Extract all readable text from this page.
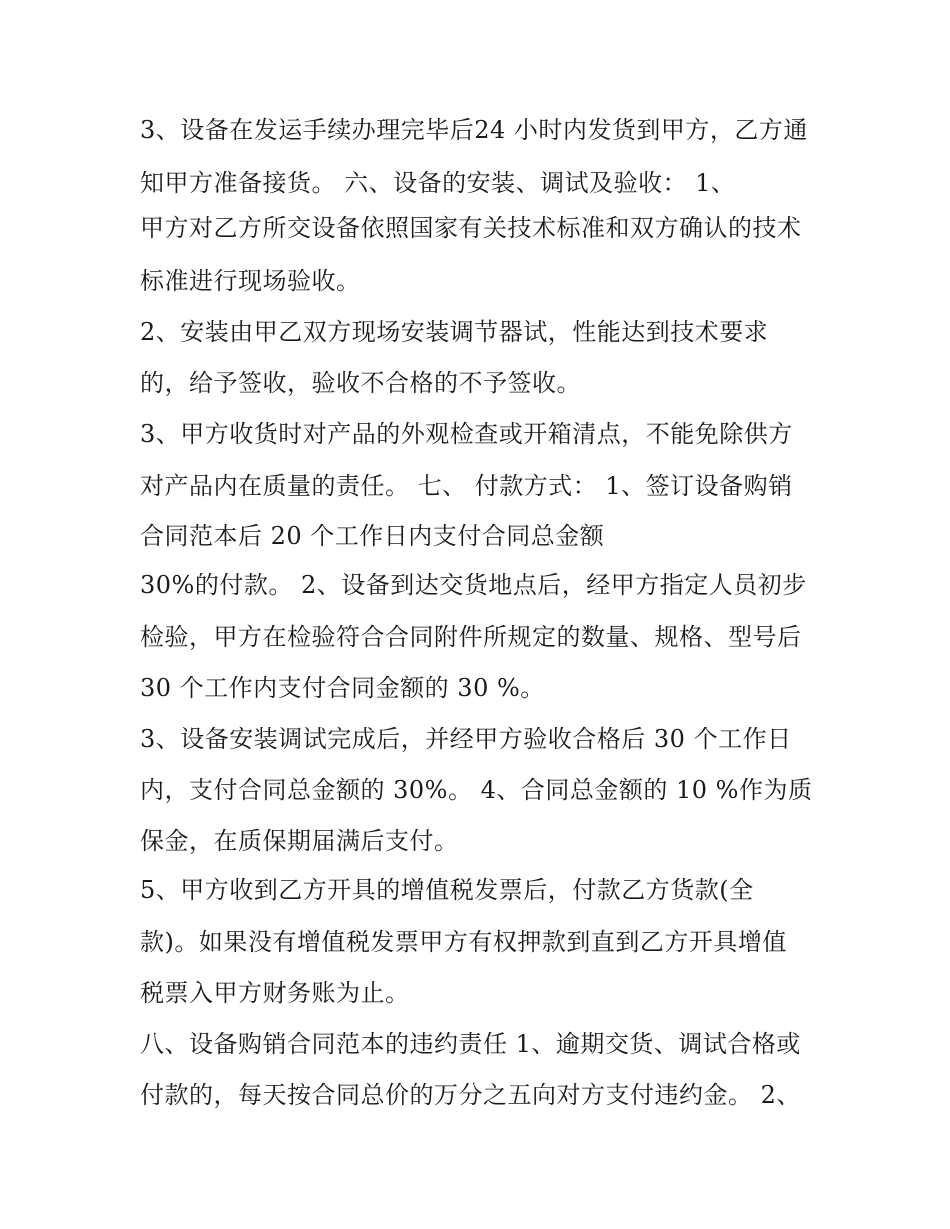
3、设备在发运手续办理完毕后24 小时内发货到甲方，乙方通
知甲方准备接货。 六、设备的安装、调试及验收： 1、
甲方对乙方所交设备依照国家有关技术标准和双方确认的技术
标准进行现场验收。
2、安装由甲乙双方现场安装调节器试，性能达到技术要求
的，给予签收，验收不合格的不予签收。
3、甲方收货时对产品的外观检查或开箱清点，不能免除供方
对产品内在质量的责任。 七、 付款方式： 1、签订设备购销
合同范本后 20 个工作日内支付合同总金额
30%的付款。 2、设备到达交货地点后，经甲方指定人员初步
检验，甲方在检验符合合同附件所规定的数量、规格、型号后
30 个工作内支付合同金额的 30 %。
3、设备安装调试完成后，并经甲方验收合格后 30 个工作日
内，支付合同总金额的 30%。 4、合同总金额的 10 %作为质
保金，在质保期届满后支付。
5、甲方收到乙方开具的增值税发票后，付款乙方货款(全
款)。如果没有增值税发票甲方有权押款到直到乙方开具增值
税票入甲方财务账为止。
八、设备购销合同范本的违约责任 1、逾期交货、调试合格或
付款的，每天按合同总价的万分之五向对方支付违约金。 2、
